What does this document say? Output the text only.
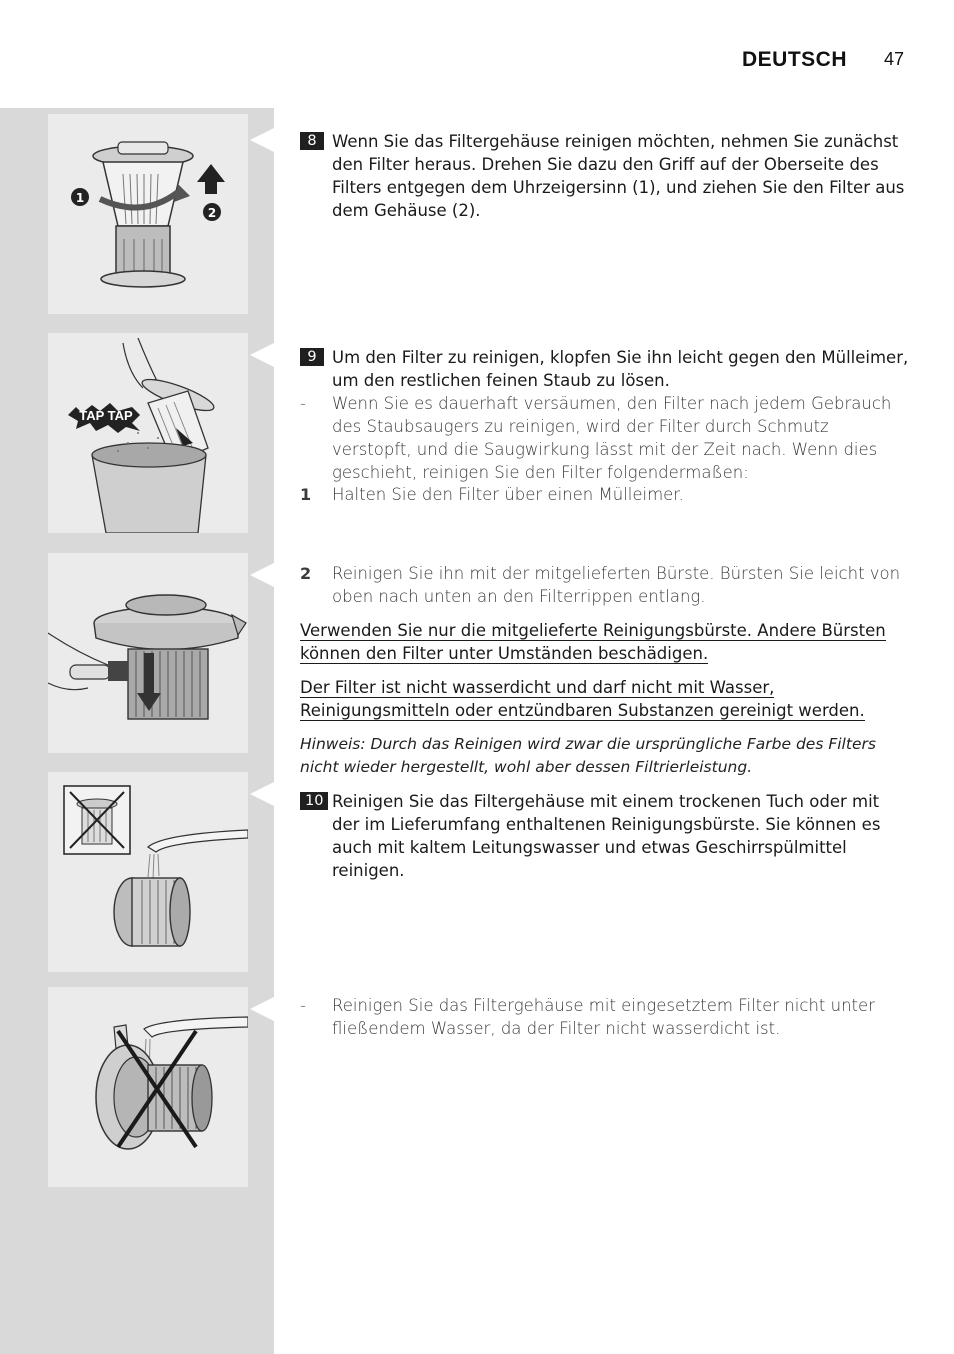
DEUTSCH 47
1
2
TAP TAP
8 Wenn Sie das Filtergehäuse reinigen möchten, nehmen Sie zunächst den Filter heraus. Drehen Sie dazu den Griff auf der Oberseite des Filters entgegen dem Uhrzeigersinn (1), und ziehen Sie den Filter aus dem Gehäuse (2).
9 Um den Filter zu reinigen, klopfen Sie ihn leicht gegen den Mülleimer, um den restlichen feinen Staub zu lösen.
- Wenn Sie es dauerhaft versäumen, den Filter nach jedem Gebrauch des Staubsaugers zu reinigen, wird der Filter durch Schmutz verstopft, und die Saugwirkung lässt mit der Zeit nach. Wenn dies geschieht, reinigen Sie den Filter folgendermaßen:
1 Halten Sie den Filter über einen Mülleimer.
2 Reinigen Sie ihn mit der mitgelieferten Bürste. Bürsten Sie leicht von oben nach unten an den Filterrippen entlang.
Verwenden Sie nur die mitgelieferte Reinigungsbürste. Andere Bürsten können den Filter unter Umständen beschädigen.
Der Filter ist nicht wasserdicht und darf nicht mit Wasser, Reinigungsmitteln oder entzündbaren Substanzen gereinigt werden.
Hinweis: Durch das Reinigen wird zwar die ursprüngliche Farbe des Filters nicht wieder hergestellt, wohl aber dessen Filtrierleistung.
10 Reinigen Sie das Filtergehäuse mit einem trockenen Tuch oder mit der im Lieferumfang enthaltenen Reinigungsbürste. Sie können es auch mit kaltem Leitungswasser und etwas Geschirrspülmittel reinigen.
- Reinigen Sie das Filtergehäuse mit eingesetztem Filter nicht unter fließendem Wasser, da der Filter nicht wasserdicht ist.
